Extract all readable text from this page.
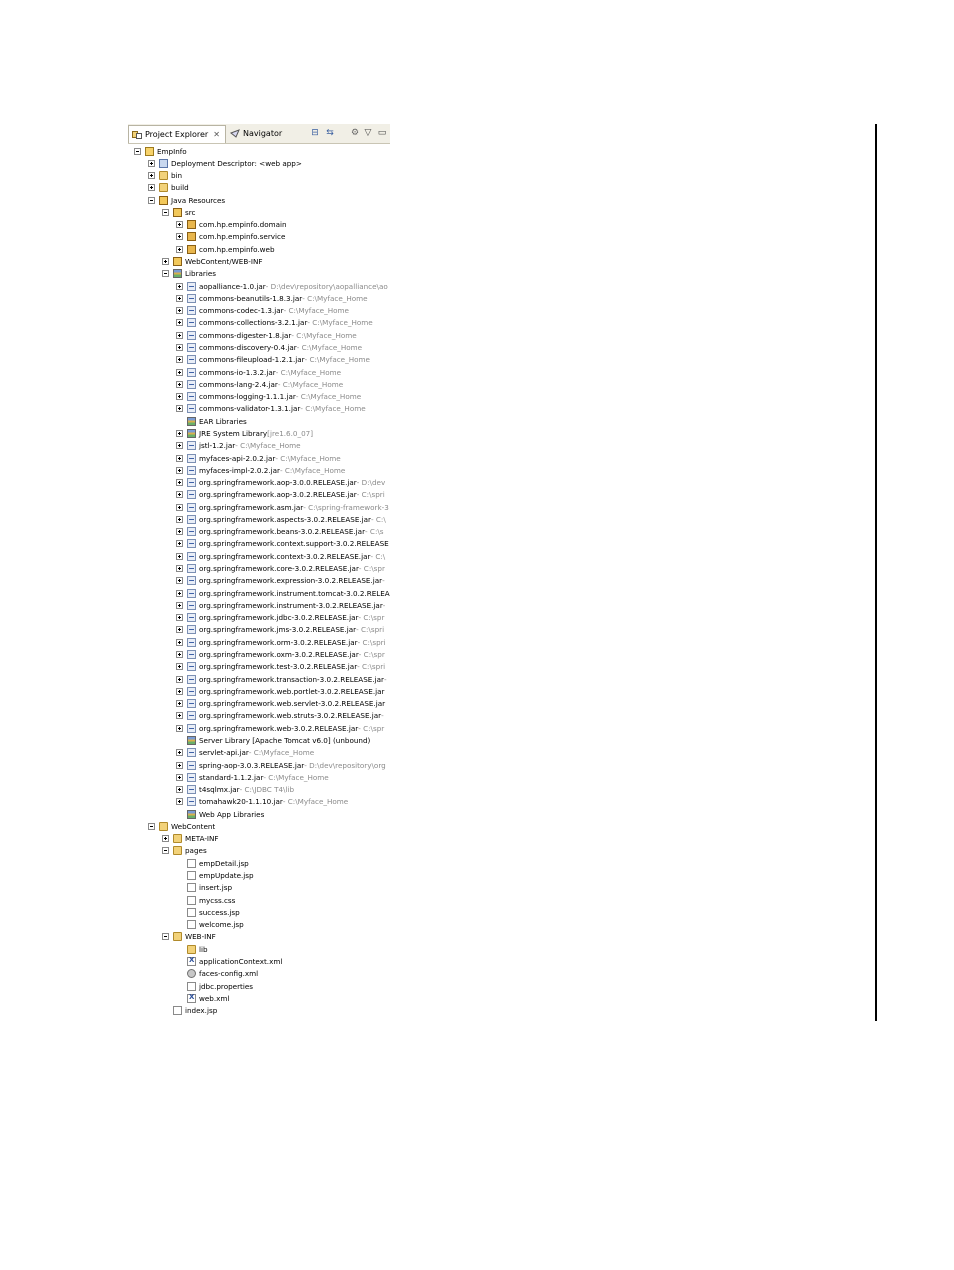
Project Explorer ✕	Navigator	⊟ ⇆ ⚙ ▽ ▭
EmpInfo
Deployment Descriptor: <web app>
bin
build
Java Resources
src
com.hp.empinfo.domain
com.hp.empinfo.service
com.hp.empinfo.web
WebContent/WEB-INF
Libraries
aopalliance-1.0.jar - D:\dev\repository\aopalliance\ao
commons-beanutils-1.8.3.jar - C:\Myface_Home
commons-codec-1.3.jar - C:\Myface_Home
commons-collections-3.2.1.jar - C:\Myface_Home
commons-digester-1.8.jar - C:\Myface_Home
commons-discovery-0.4.jar - C:\Myface_Home
commons-fileupload-1.2.1.jar - C:\Myface_Home
commons-io-1.3.2.jar - C:\Myface_Home
commons-lang-2.4.jar - C:\Myface_Home
commons-logging-1.1.1.jar - C:\Myface_Home
commons-validator-1.3.1.jar - C:\Myface_Home
EAR Libraries
JRE System Library [jre1.6.0_07]
jstl-1.2.jar - C:\Myface_Home
myfaces-api-2.0.2.jar - C:\Myface_Home
myfaces-impl-2.0.2.jar - C:\Myface_Home
org.springframework.aop-3.0.0.RELEASE.jar - D:\dev
org.springframework.aop-3.0.2.RELEASE.jar - C:\spri
org.springframework.asm.jar - C:\spring-framework-3
org.springframework.aspects-3.0.2.RELEASE.jar - C:\
org.springframework.beans-3.0.2.RELEASE.jar - C:\s
org.springframework.context.support-3.0.2.RELEASE
org.springframework.context-3.0.2.RELEASE.jar - C:\
org.springframework.core-3.0.2.RELEASE.jar - C:\spr
org.springframework.expression-3.0.2.RELEASE.jar -
org.springframework.instrument.tomcat-3.0.2.RELEA
org.springframework.instrument-3.0.2.RELEASE.jar -
org.springframework.jdbc-3.0.2.RELEASE.jar - C:\spr
org.springframework.jms-3.0.2.RELEASE.jar - C:\spri
org.springframework.orm-3.0.2.RELEASE.jar - C:\spri
org.springframework.oxm-3.0.2.RELEASE.jar - C:\spr
org.springframework.test-3.0.2.RELEASE.jar - C:\spri
org.springframework.transaction-3.0.2.RELEASE.jar -
org.springframework.web.portlet-3.0.2.RELEASE.jar
org.springframework.web.servlet-3.0.2.RELEASE.jar
org.springframework.web.struts-3.0.2.RELEASE.jar -
org.springframework.web-3.0.2.RELEASE.jar - C:\spr
Server Library [Apache Tomcat v6.0] (unbound)
servlet-api.jar - C:\Myface_Home
spring-aop-3.0.3.RELEASE.jar - D:\dev\repository\org
standard-1.1.2.jar - C:\Myface_Home
t4sqlmx.jar - C:\JDBC T4\lib
tomahawk20-1.1.10.jar - C:\Myface_Home
Web App Libraries
WebContent
META-INF
pages
empDetail.jsp
empUpdate.jsp
insert.jsp
mycss.css
success.jsp
welcome.jsp
WEB-INF
lib
X
applicationContext.xml
faces-config.xml
jdbc.properties
X
web.xml
index.jsp
